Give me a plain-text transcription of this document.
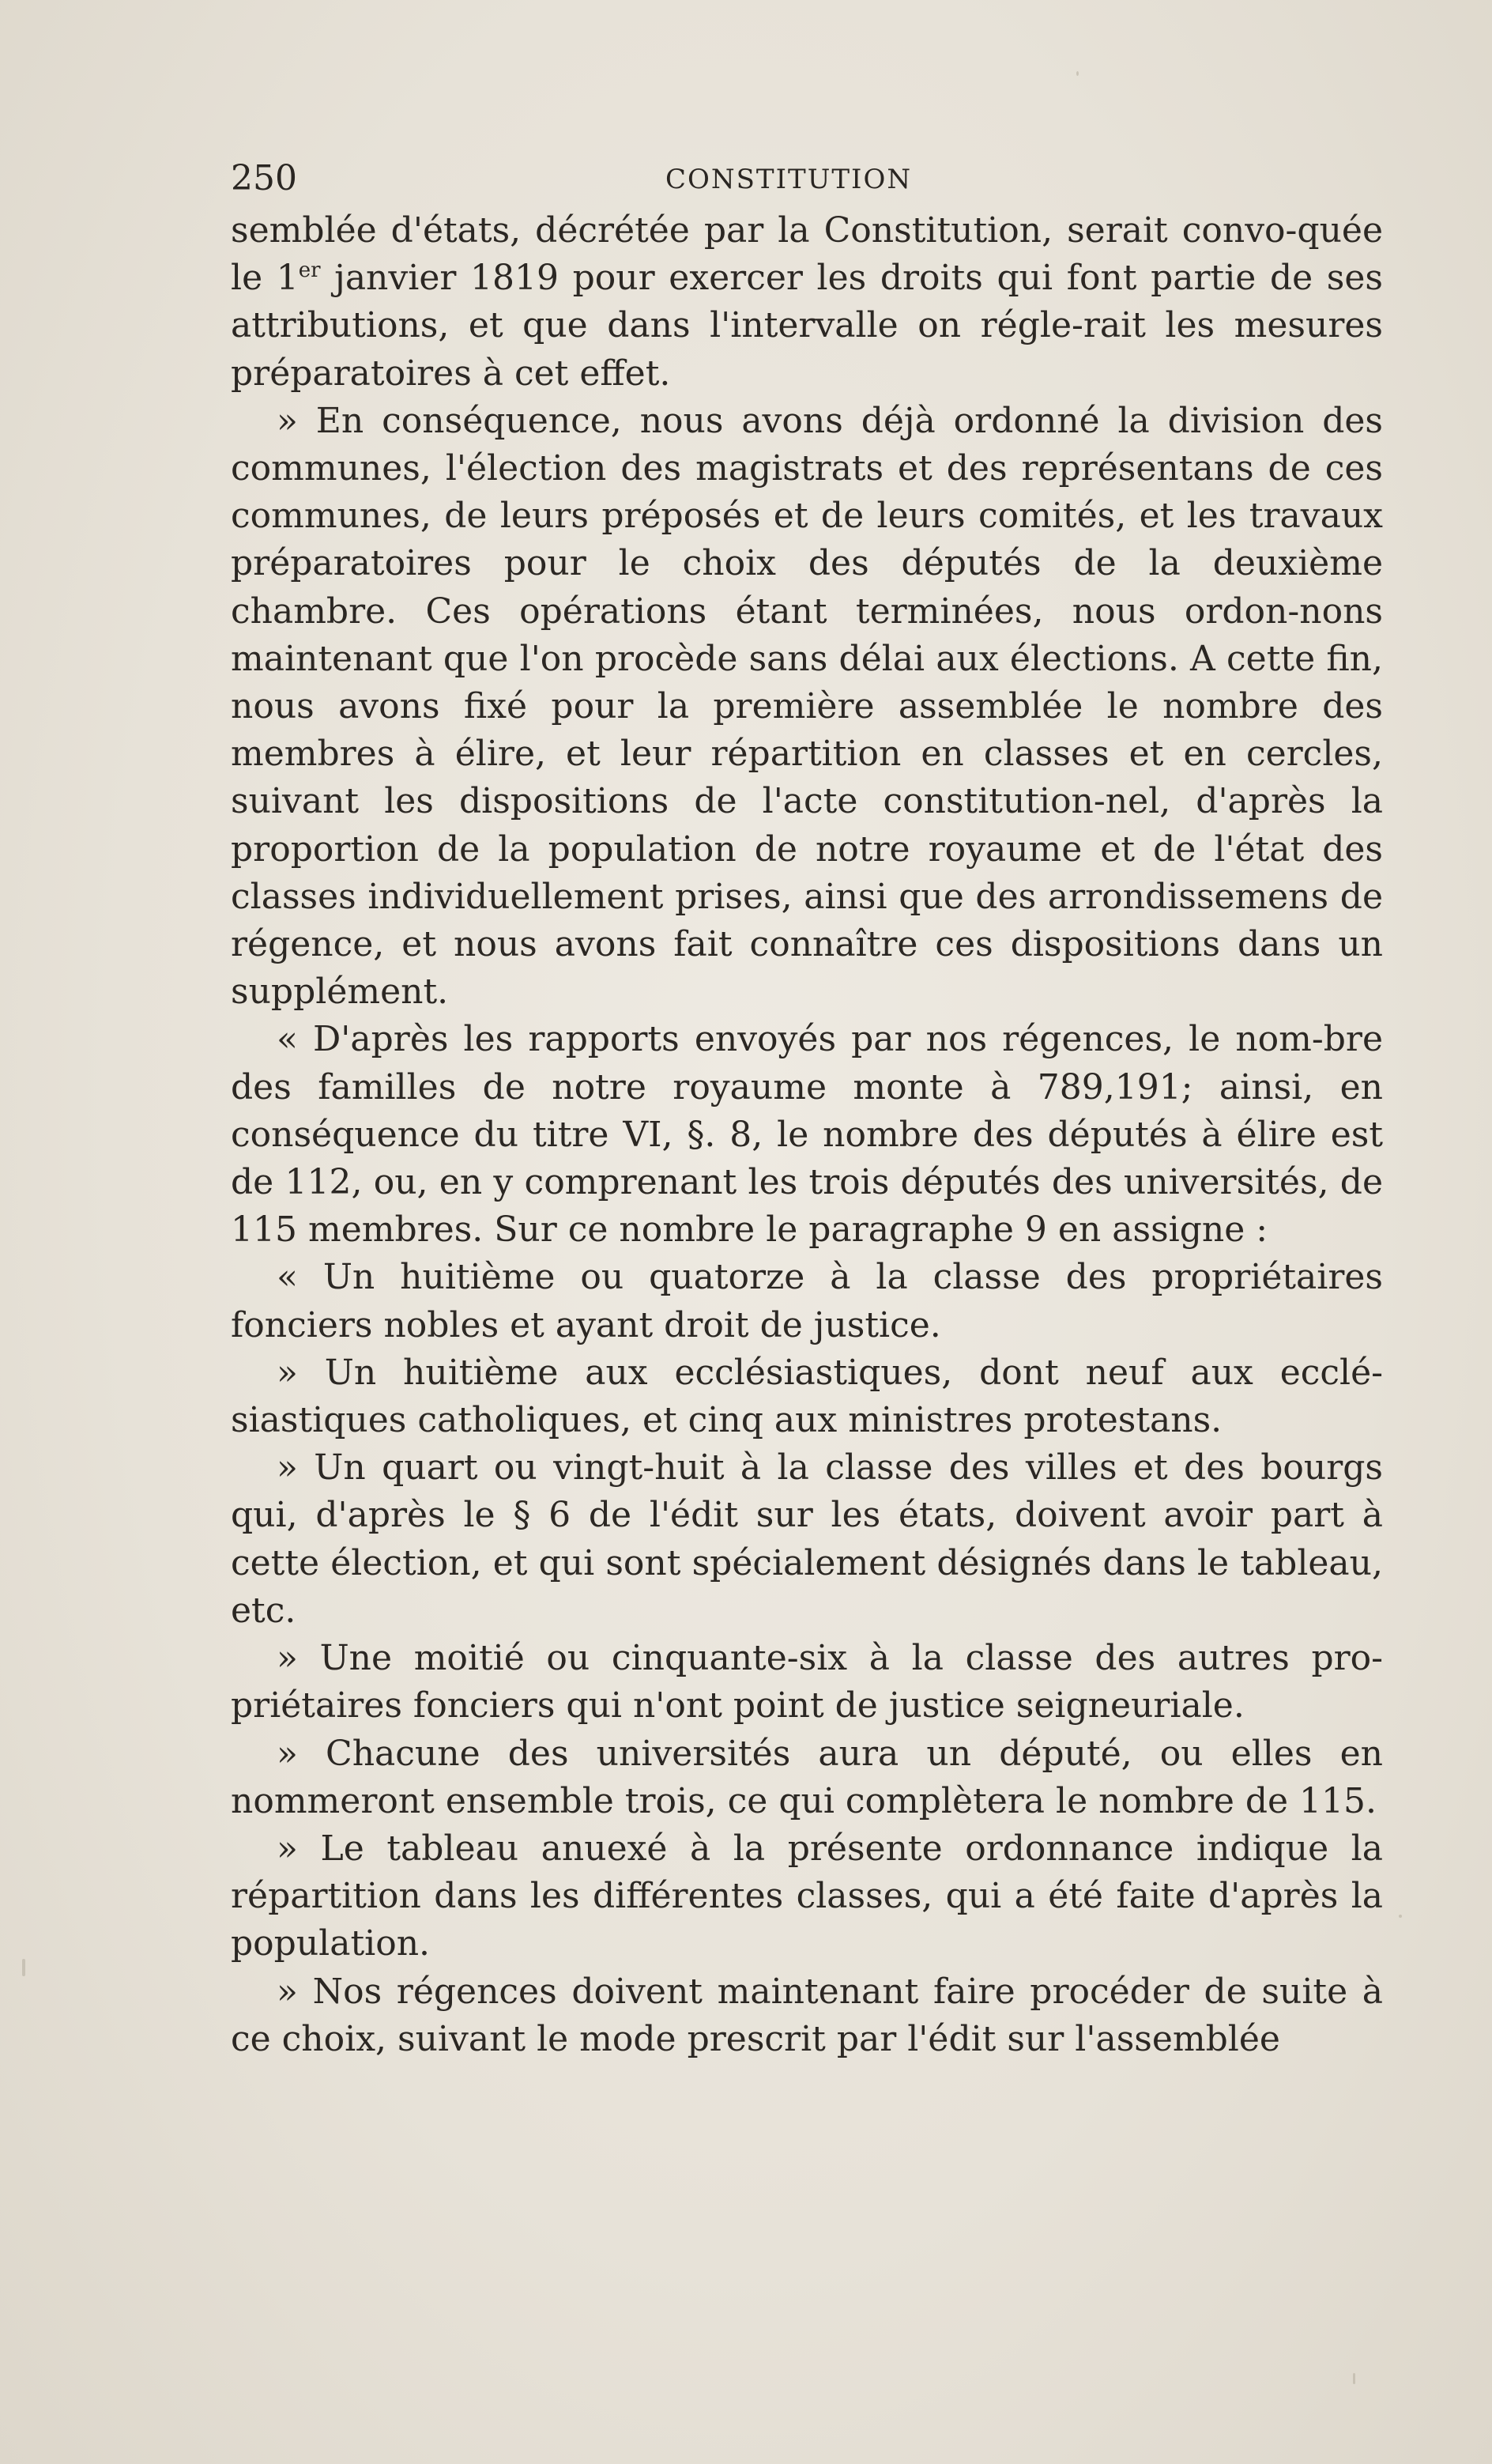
250	CONSTITUTION

semblée d'états, décrétée par la Constitution, serait convo-quée le 1er janvier 1819 pour exercer les droits qui font partie de ses attributions, et que dans l'intervalle on régle-rait les mesures préparatoires à cet effet.

» En conséquence, nous avons déjà ordonné la division des communes, l'élection des magistrats et des représentans de ces communes, de leurs préposés et de leurs comités, et les travaux préparatoires pour le choix des députés de la deuxième chambre. Ces opérations étant terminées, nous ordon-nons maintenant que l'on procède sans délai aux élections. A cette fin, nous avons fixé pour la première assemblée le nombre des membres à élire, et leur répartition en classes et en cercles, suivant les dispositions de l'acte constitution-nel, d'après la proportion de la population de notre royaume et de l'état des classes individuellement prises, ainsi que des arrondissemens de régence, et nous avons fait connaître ces dispositions dans un supplément.

« D'après les rapports envoyés par nos régences, le nom-bre des familles de notre royaume monte à 789,191; ainsi, en conséquence du titre VI, §. 8, le nombre des députés à élire est de 112, ou, en y comprenant les trois députés des universités, de 115 membres. Sur ce nombre le paragraphe 9 en assigne :

« Un huitième ou quatorze à la classe des propriétaires fonciers nobles et ayant droit de justice.

» Un huitième aux ecclésiastiques, dont neuf aux ecclé-siastiques catholiques, et cinq aux ministres protestans.

» Un quart ou vingt-huit à la classe des villes et des bourgs qui, d'après le § 6 de l'édit sur les états, doivent avoir part à cette élection, et qui sont spécialement désignés dans le tableau, etc.

» Une moitié ou cinquante-six à la classe des autres pro-priétaires fonciers qui n'ont point de justice seigneuriale.

» Chacune des universités aura un député, ou elles en nommeront ensemble trois, ce qui complètera le nombre de 115.

» Le tableau anuexé à la présente ordonnance indique la répartition dans les différentes classes, qui a été faite d'après la population.

» Nos régences doivent maintenant faire procéder de suite à ce choix, suivant le mode prescrit par l'édit sur l'assemblée
